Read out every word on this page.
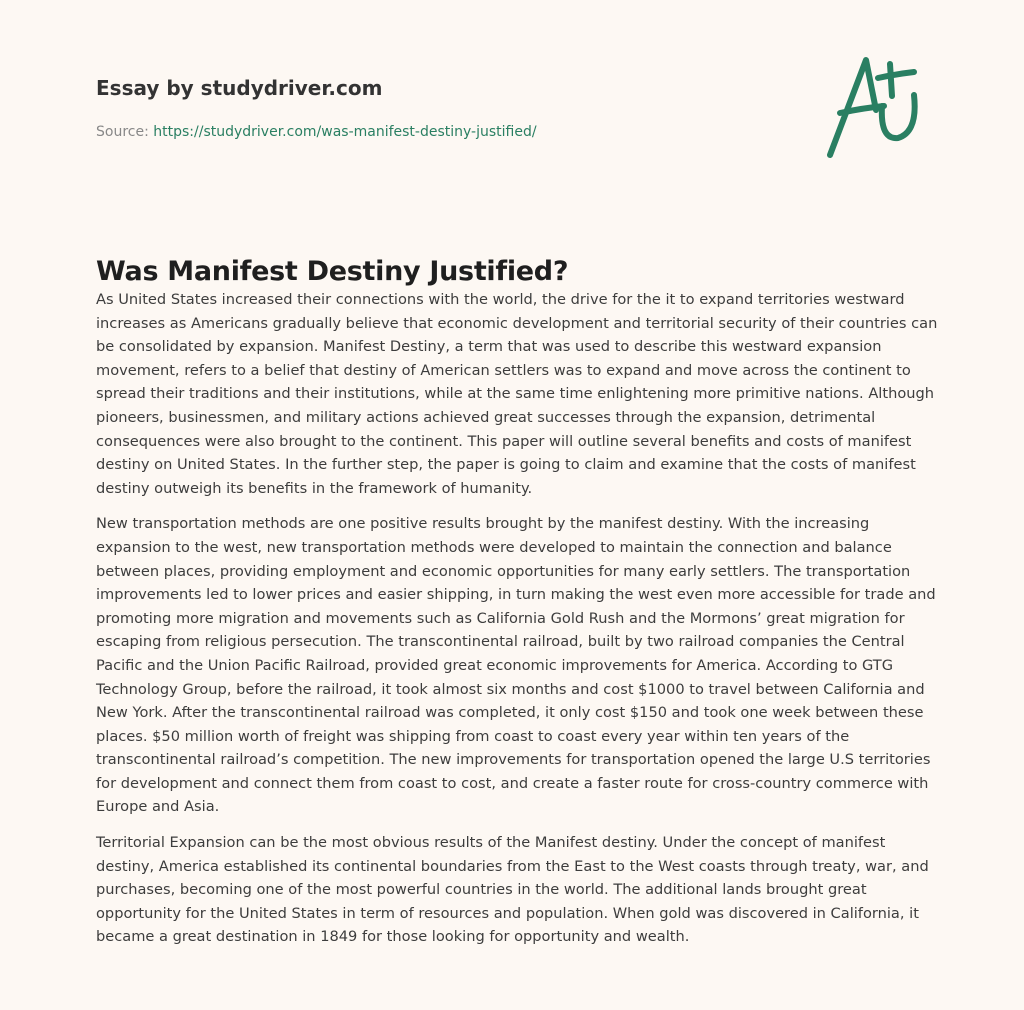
Essay by studydriver.com
Source: https://studydriver.com/was-manifest-destiny-justified/
Was Manifest Destiny Justified?

As United States increased their connections with the world, the drive for the it to expand territories westward increases as Americans gradually believe that economic development and territorial security of their countries can be consolidated by expansion. Manifest Destiny, a term that was used to describe this westward expansion movement, refers to a belief that destiny of American settlers was to expand and move across the continent to spread their traditions and their institutions, while at the same time enlightening more primitive nations. Although pioneers, businessmen, and military actions achieved great successes through the expansion, detrimental consequences were also brought to the continent. This paper will outline several benefits and costs of manifest destiny on United States. In the further step, the paper is going to claim and examine that the costs of manifest destiny outweigh its benefits in the framework of humanity.

New transportation methods are one positive results brought by the manifest destiny. With the increasing expansion to the west, new transportation methods were developed to maintain the connection and balance between places, providing employment and economic opportunities for many early settlers. The transportation improvements led to lower prices and easier shipping, in turn making the west even more accessible for trade and promoting more migration and movements such as California Gold Rush and the Mormons’ great migration for escaping from religious persecution. The transcontinental railroad, built by two railroad companies the Central Pacific and the Union Pacific Railroad, provided great economic improvements for America. According to GTG Technology Group, before the railroad, it took almost six months and cost $1000 to travel between California and New York. After the transcontinental railroad was completed, it only cost $150 and took one week between these places. $50 million worth of freight was shipping from coast to coast every year within ten years of the transcontinental railroad’s competition. The new improvements for transportation opened the large U.S territories for development and connect them from coast to cost, and create a faster route for cross-country commerce with Europe and Asia.

Territorial Expansion can be the most obvious results of the Manifest destiny. Under the concept of manifest destiny, America established its continental boundaries from the East to the West coasts through treaty, war, and purchases, becoming one of the most powerful countries in the world. The additional lands brought great opportunity for the United States in term of resources and population. When gold was discovered in California, it became a great destination in 1849 for those looking for opportunity and wealth.
